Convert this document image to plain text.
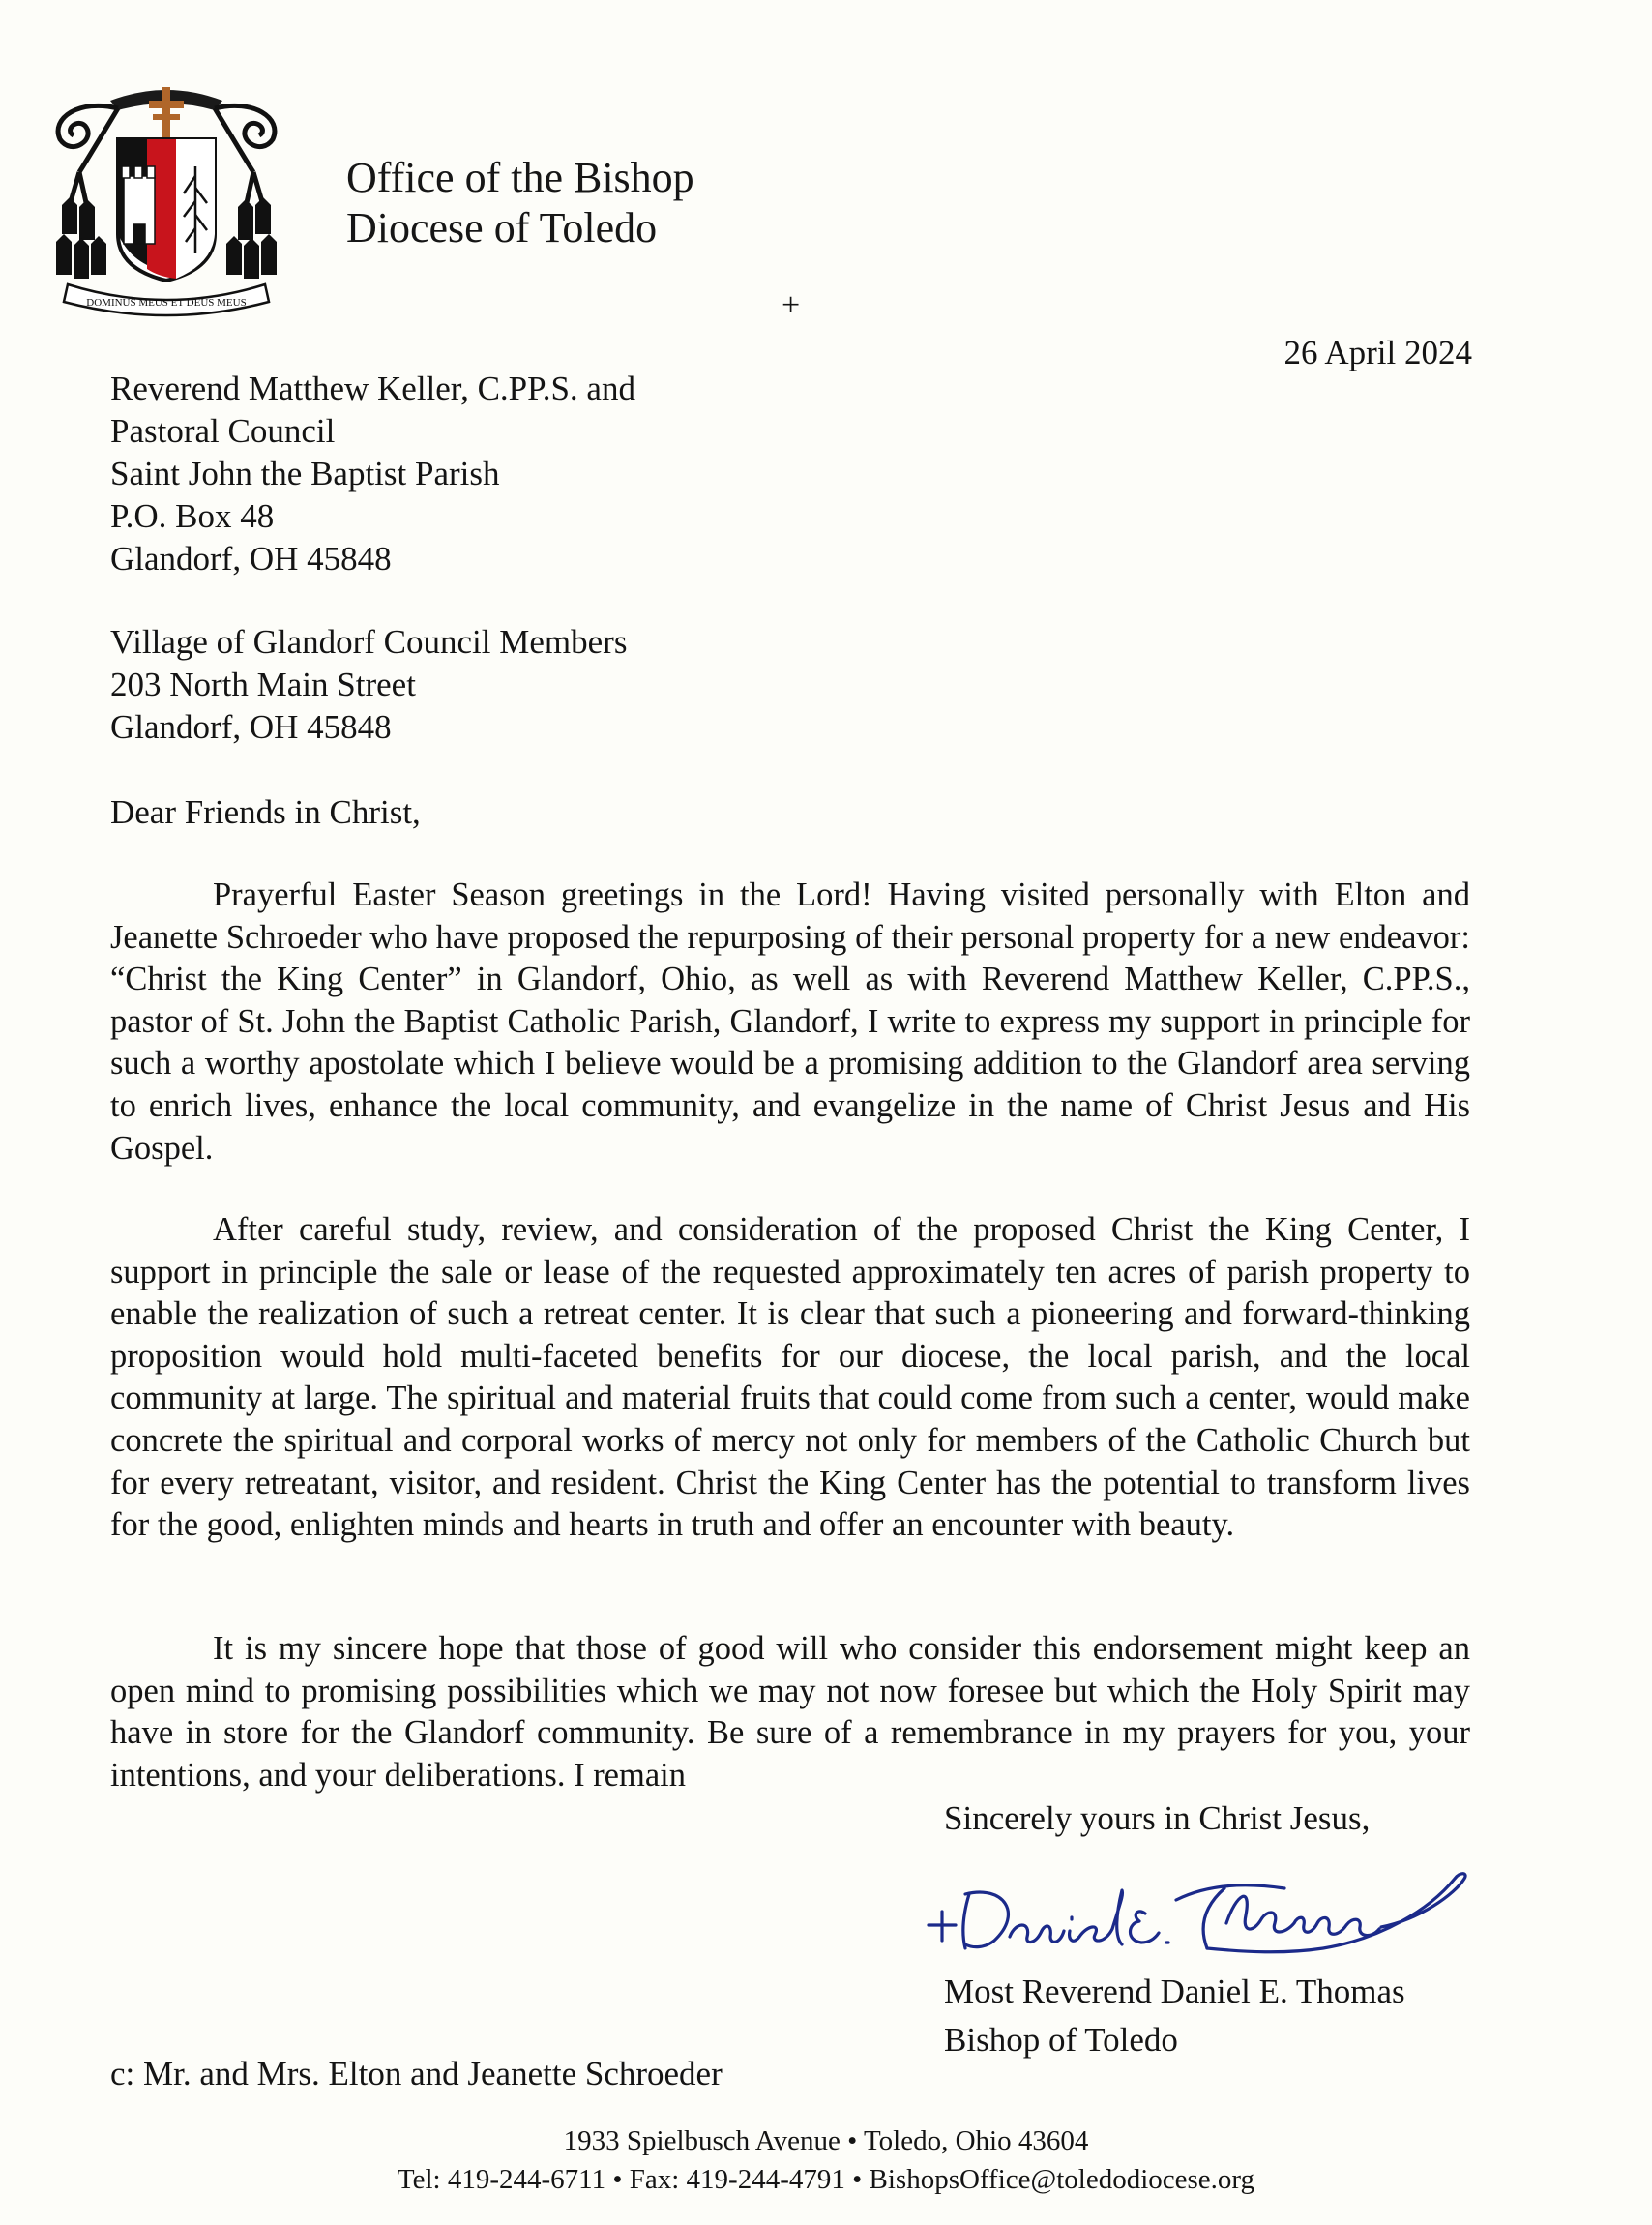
DOMINUS MEUS ET DEUS MEUS
Office of the Bishop
Diocese of Toledo
+
26 April 2024
Reverend Matthew Keller, C.PP.S. and
Pastoral Council
Saint John the Baptist Parish
P.O. Box 48
Glandorf, OH 45848
Village of Glandorf Council Members
203 North Main Street
Glandorf, OH 45848
Dear Friends in Christ,

Prayerful Easter Season greetings in the Lord! Having visited personally with Elton and Jeanette Schroeder who have proposed the repurposing of their personal property for a new endeavor: “Christ the King Center” in Glandorf, Ohio, as well as with Reverend Matthew Keller, C.PP.S., pastor of St. John the Baptist Catholic Parish, Glandorf, I write to express my support in principle for such a worthy apostolate which I believe would be a promising addition to the Glandorf area serving to enrich lives, enhance the local community, and evangelize in the name of Christ Jesus and His Gospel.

After careful study, review, and consideration of the proposed Christ the King Center, I support in principle the sale or lease of the requested approximately ten acres of parish property to enable the realization of such a retreat center. It is clear that such a pioneering and forward-thinking proposition would hold multi-faceted benefits for our diocese, the local parish, and the local community at large. The spiritual and material fruits that could come from such a center, would make concrete the spiritual and corporal works of mercy not only for members of the Catholic Church but for every retreatant, visitor, and resident. Christ the King Center has the potential to transform lives for the good, enlighten minds and hearts in truth and offer an encounter with beauty.

It is my sincere hope that those of good will who consider this endorsement might keep an open mind to promising possibilities which we may not now foresee but which the Holy Spirit may have in store for the Glandorf community. Be sure of a remembrance in my prayers for you, your intentions, and your deliberations. I remain

Sincerely yours in Christ Jesus,
Most Reverend Daniel E. Thomas
Bishop of Toledo
c: Mr. and Mrs. Elton and Jeanette Schroeder
1933 Spielbusch Avenue • Toledo, Ohio 43604
Tel: 419-244-6711 • Fax: 419-244-4791 • BishopsOffice@toledodiocese.org
